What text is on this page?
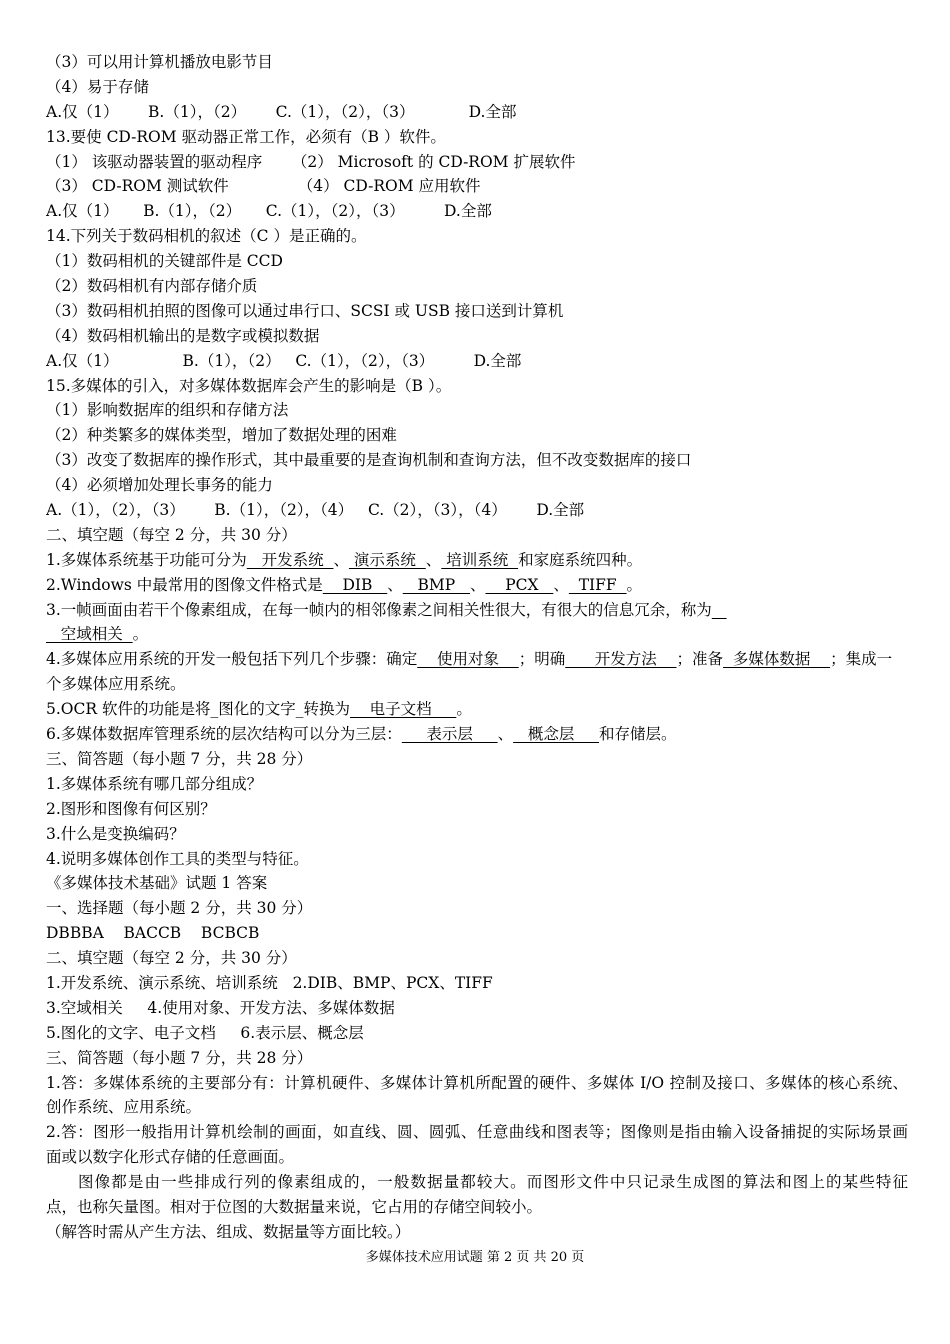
（3）可以用计算机播放电影节目
（4）易于存储
A.仅（1）      B.（1），（2）      C.（1），（2），（3）           D.全部
13.要使 CD-ROM 驱动器正常工作，必须有（B ）软件。
（1） 该驱动器装置的驱动程序      （2） Microsoft 的 CD-ROM 扩展软件
（3） CD-ROM 测试软件              （4） CD-ROM 应用软件
A.仅（1）     B.（1），（2）     C.（1），（2），（3）        D.全部
14.下列关于数码相机的叙述（C ）是正确的。
（1）数码相机的关键部件是 CCD
（2）数码相机有内部存储介质
（3）数码相机拍照的图像可以通过串行口、SCSI 或 USB 接口送到计算机
（4）数码相机输出的是数字或模拟数据
A.仅（1）             B.（1），（2）   C.（1），（2），（3）        D.全部
15.多媒体的引入，对多媒体数据库会产生的影响是（B ）。
（1）影响数据库的组织和存储方法
（2）种类繁多的媒体类型，增加了数据处理的困难
（3）改变了数据库的操作形式，其中最重要的是查询机制和查询方法，但不改变数据库的接口
（4）必须增加处理长事务的能力
A.（1），（2），（3）      B.（1），（2），（4）   C.（2），（3），（4）      D.全部
二、填空题（每空 2 分，共 30 分）
1.多媒体系统基于功能可分为   开发系统  、 演示系统  、 培训系统  和家庭系统四种。
2.Windows 中最常用的图像文件格式是    DIB   、   BMP   、    PCX   、  TIFF  。
3.一帧画面由若干个像素组成，在每一帧内的相邻像素之间相关性很大，有很大的信息冗余，称为
空域相关  。
4.多媒体应用系统的开发一般包括下列几个步骤：确定    使用对象    ；明确      开发方法    ；准备  多媒体数据    ；集成一
个多媒体应用系统。
5.OCR 软件的功能是将_图化的文字_转换为    电子文档     。
6.多媒体数据库管理系统的层次结构可以分为三层：     表示层     、   概念层     和存储层。
三、简答题（每小题 7 分，共 28 分）
1.多媒体系统有哪几部分组成？
2.图形和图像有何区别？
3.什么是变换编码？
4.说明多媒体创作工具的类型与特征。
《多媒体技术基础》试题 1 答案
一、选择题（每小题 2 分，共 30 分）
DBBBA    BACCB    BCBCB
二、填空题（每空 2 分，共 30 分）
1.开发系统、演示系统、培训系统   2.DIB、BMP、PCX、TIFF
3.空域相关     4.使用对象、开发方法、多媒体数据
5.图化的文字、电子文档     6.表示层、概念层
三、简答题（每小题 7 分，共 28 分）
1.答：多媒体系统的主要部分有：计算机硬件、多媒体计算机所配置的硬件、多媒体 I/O 控制及接口、多媒体的核心系统、
创作系统、应用系统。
2.答：图形一般指用计算机绘制的画面，如直线、圆、圆弧、任意曲线和图表等；图像则是指由输入设备捕捉的实际场景画
面或以数字化形式存储的任意画面。
图像都是由一些排成行列的像素组成的，一般数据量都较大。而图形文件中只记录生成图的算法和图上的某些特征
点，也称矢量图。相对于位图的大数据量来说，它占用的存储空间较小。
（解答时需从产生方法、组成、数据量等方面比较。）
多媒体技术应用试题 第 2 页 共 20 页
